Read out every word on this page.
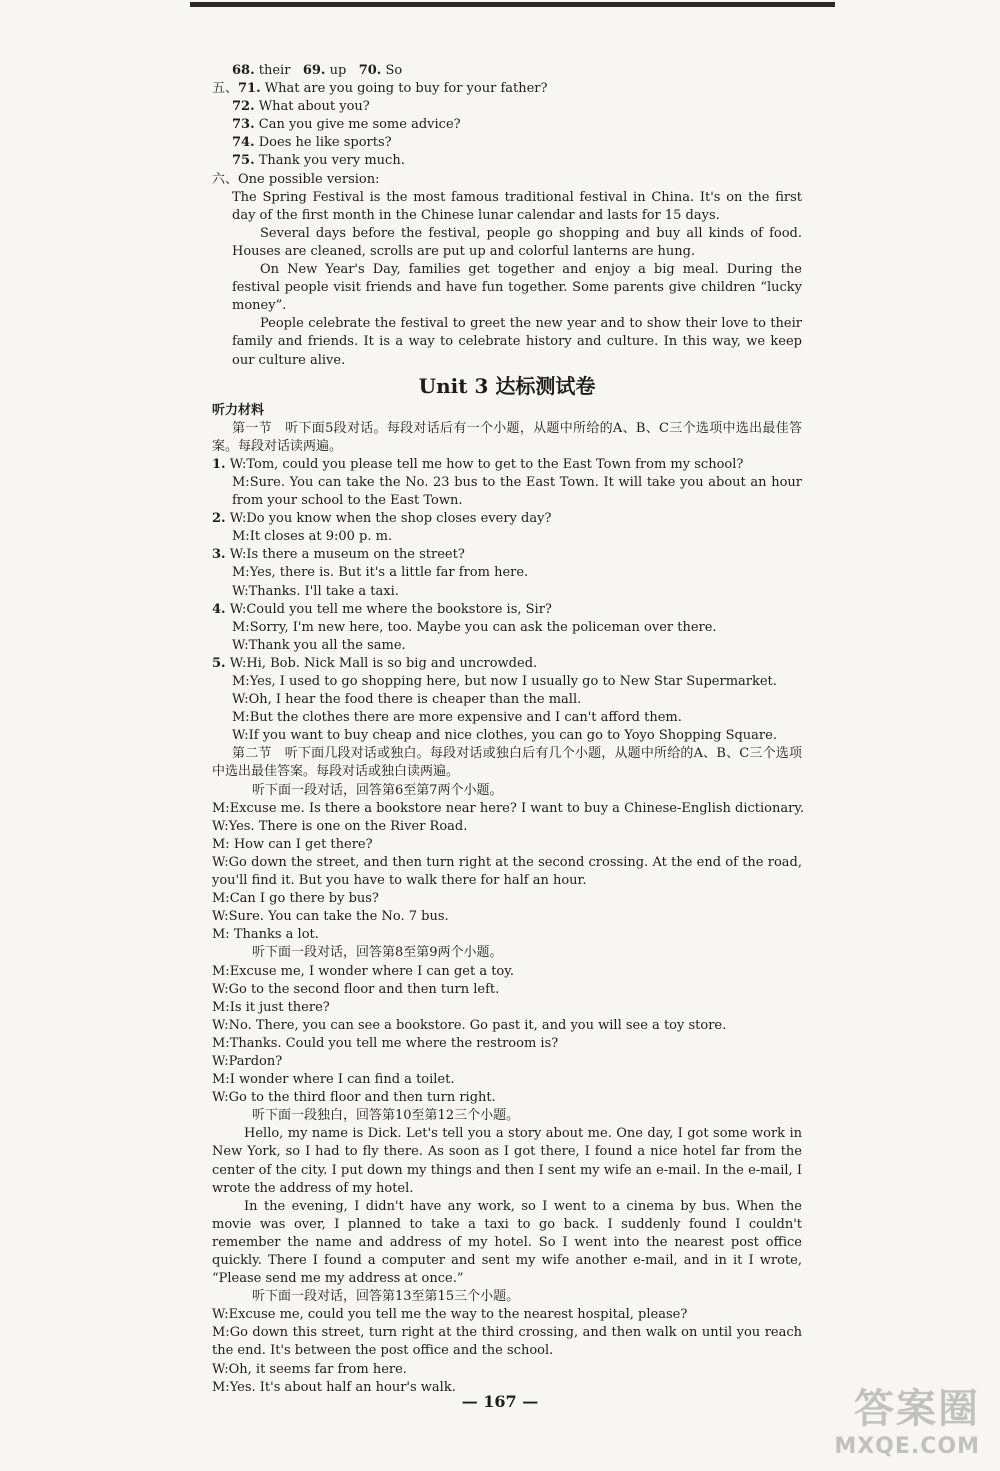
68. their 69. up 70. So
五、71. What are you going to buy for your father?
72. What about you?
73. Can you give me some advice?
74. Does he like sports?
75. Thank you very much.
六、One possible version:
The Spring Festival is the most famous traditional festival in China. It's on the first day of the first month in the Chinese lunar calendar and lasts for 15 days.
Several days before the festival, people go shopping and buy all kinds of food. Houses are cleaned, scrolls are put up and colorful lanterns are hung.
On New Year's Day, families get together and enjoy a big meal. During the festival people visit friends and have fun together. Some parents give children “lucky money”.
People celebrate the festival to greet the new year and to show their love to their family and friends. It is a way to celebrate history and culture. In this way, we keep our culture alive.
Unit 3 达标测试卷
听力材料
第一节　听下面5段对话。每段对话后有一个小题，从题中所给的A、B、C三个选项中选出最佳答案。每段对话读两遍。
1. W:Tom, could you please tell me how to get to the East Town from my school?
M:Sure. You can take the No. 23 bus to the East Town. It will take you about an hour from your school to the East Town.
2. W:Do you know when the shop closes every day?
M:It closes at 9:00 p. m.
3. W:Is there a museum on the street?
M:Yes, there is. But it's a little far from here.
W:Thanks. I'll take a taxi.
4. W:Could you tell me where the bookstore is, Sir?
M:Sorry, I'm new here, too. Maybe you can ask the policeman over there.
W:Thank you all the same.
5. W:Hi, Bob. Nick Mall is so big and uncrowded.
M:Yes, I used to go shopping here, but now I usually go to New Star Supermarket.
W:Oh, I hear the food there is cheaper than the mall.
M:But the clothes there are more expensive and I can't afford them.
W:If you want to buy cheap and nice clothes, you can go to Yoyo Shopping Square.
第二节　听下面几段对话或独白。每段对话或独白后有几个小题，从题中所给的A、B、C三个选项中选出最佳答案。每段对话或独白读两遍。
听下面一段对话，回答第6至第7两个小题。
M:Excuse me. Is there a bookstore near here? I want to buy a Chinese-English dictionary.
W:Yes. There is one on the River Road.
M: How can I get there?
W:Go down the street, and then turn right at the second crossing. At the end of the road, you'll find it. But you have to walk there for half an hour.
M:Can I go there by bus?
W:Sure. You can take the No. 7 bus.
M: Thanks a lot.
听下面一段对话，回答第8至第9两个小题。
M:Excuse me, I wonder where I can get a toy.
W:Go to the second floor and then turn left.
M:Is it just there?
W:No. There, you can see a bookstore. Go past it, and you will see a toy store.
M:Thanks. Could you tell me where the restroom is?
W:Pardon?
M:I wonder where I can find a toilet.
W:Go to the third floor and then turn right.
听下面一段独白，回答第10至第12三个小题。
Hello, my name is Dick. Let's tell you a story about me. One day, I got some work in New York, so I had to fly there. As soon as I got there, I found a nice hotel far from the center of the city. I put down my things and then I sent my wife an e-mail. In the e-mail, I wrote the address of my hotel.
In the evening, I didn't have any work, so I went to a cinema by bus. When the movie was over, I planned to take a taxi to go back. I suddenly found I couldn't remember the name and address of my hotel. So I went into the nearest post office quickly. There I found a computer and sent my wife another e-mail, and in it I wrote, “Please send me my address at once.”
听下面一段对话，回答第13至第15三个小题。
W:Excuse me, could you tell me the way to the nearest hospital, please?
M:Go down this street, turn right at the third crossing, and then walk on until you reach the end. It's between the post office and the school.
W:Oh, it seems far from here.
M:Yes. It's about half an hour's walk.
— 167 —	答案圈
MXQE.COM
